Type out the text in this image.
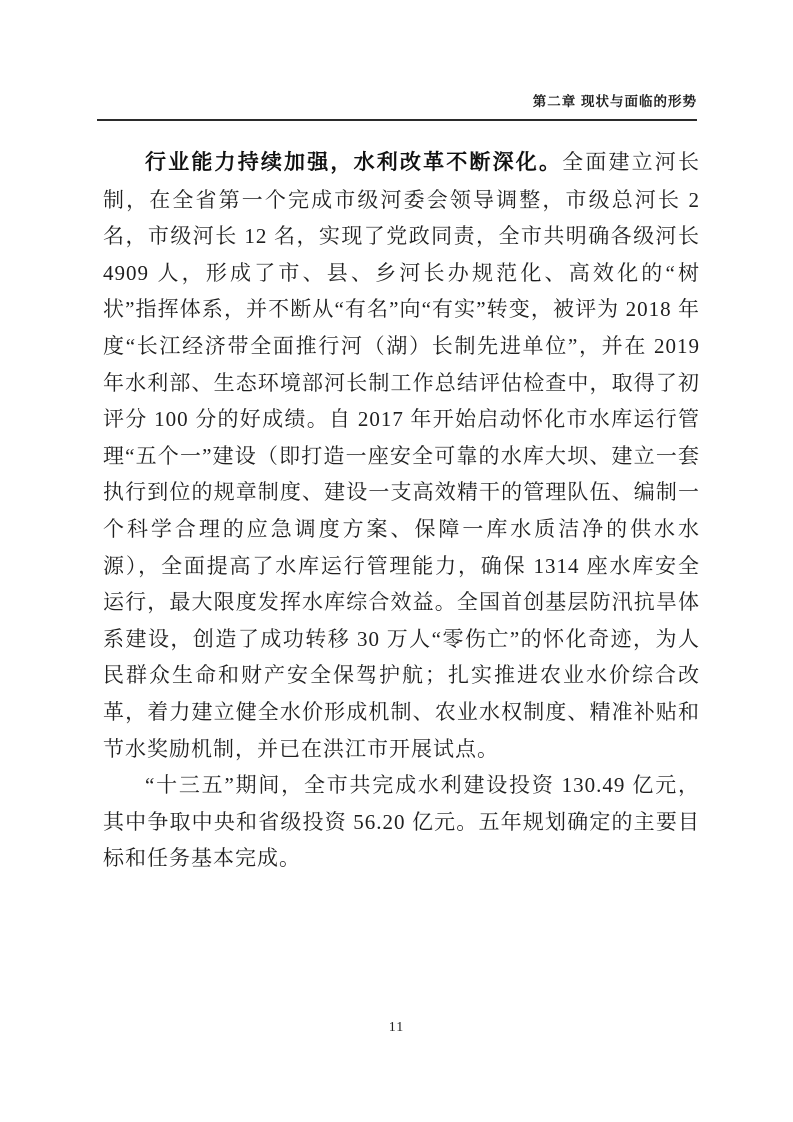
第二章 现状与面临的形势

行业能力持续加强，水利改革不断深化。全面建立河长制，在全省第一个完成市级河委会领导调整，市级总河长 2 名，市级河长 12 名，实现了党政同责，全市共明确各级河长 4909 人，形成了市、县、乡河长办规范化、高效化的“树状”指挥体系，并不断从“有名”向“有实”转变，被评为 2018 年度“长江经济带全面推行河（湖）长制先进单位”，并在 2019 年水利部、生态环境部河长制工作总结评估检查中，取得了初评分 100 分的好成绩。自 2017 年开始启动怀化市水库运行管理“五个一”建设（即打造一座安全可靠的水库大坝、建立一套执行到位的规章制度、建设一支高效精干的管理队伍、编制一个科学合理的应急调度方案、保障一库水质洁净的供水水源），全面提高了水库运行管理能力，确保 1314 座水库安全运行，最大限度发挥水库综合效益。全国首创基层防汛抗旱体系建设，创造了成功转移 30 万人“零伤亡”的怀化奇迹，为人民群众生命和财产安全保驾护航；扎实推进农业水价综合改革，着力建立健全水价形成机制、农业水权制度、精准补贴和节水奖励机制，并已在洪江市开展试点。

“十三五”期间，全市共完成水利建设投资 130.49 亿元，其中争取中央和省级投资 56.20 亿元。五年规划确定的主要目标和任务基本完成。

11
